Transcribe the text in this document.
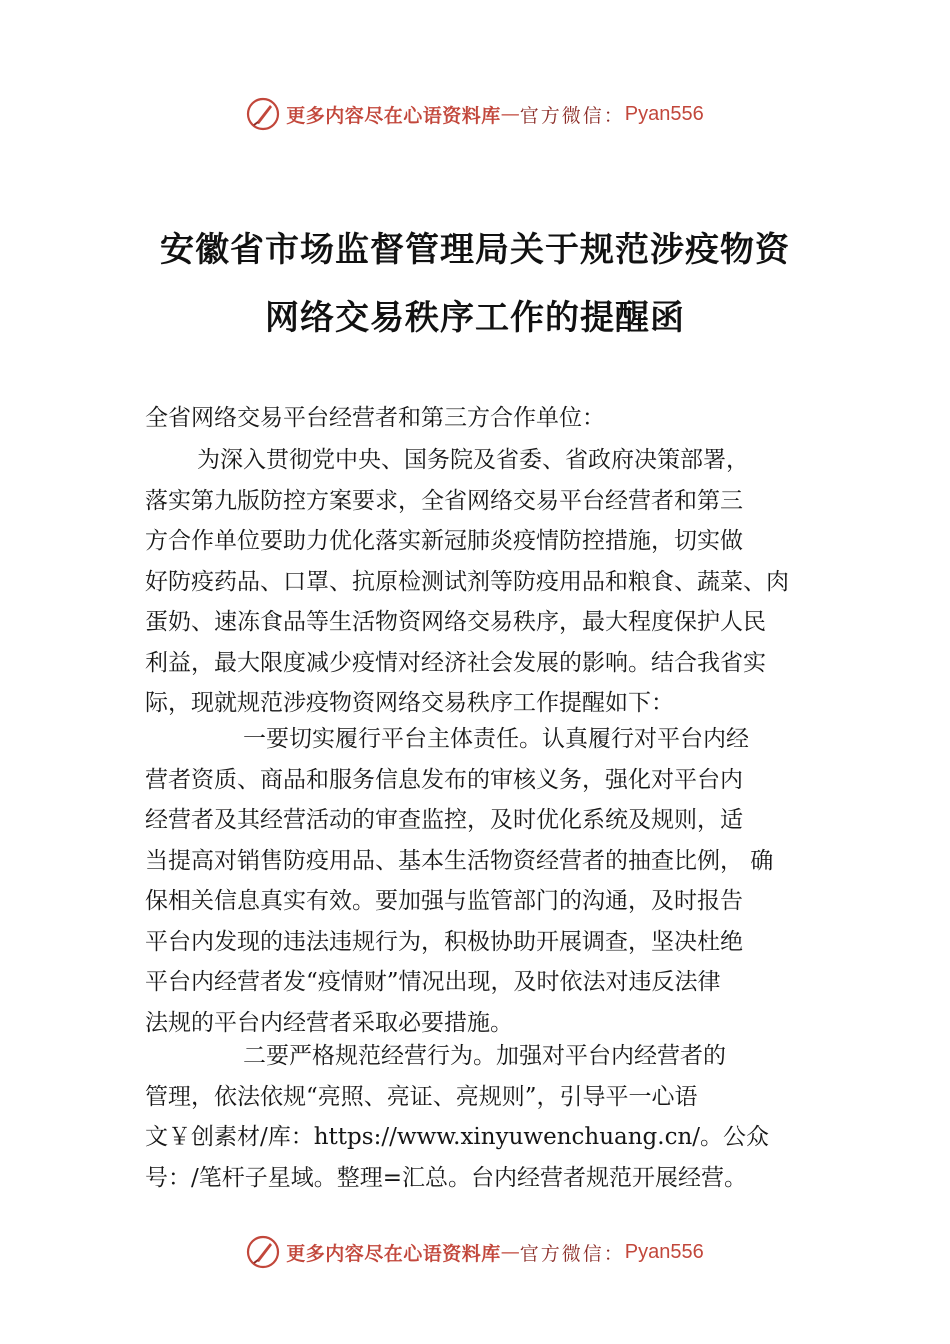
更多内容尽在心语资料库 — 官方微信： Pyan556
安徽省市场监督管理局关于规范涉疫物资
网络交易秩序工作的提醒函

全省网络交易平台经营者和第三方合作单位：

为深入贯彻党中央、国务院及省委、省政府决策部署，

落实第九版防控方案要求，全省网络交易平台经营者和第三

方合作单位要助力优化落实新冠肺炎疫情防控措施，切实做

好防疫药品、口罩、抗原检测试剂等防疫用品和粮食、蔬菜、肉

蛋奶、速冻食品等生活物资网络交易秩序，最大程度保护人民

利益，最大限度减少疫情对经济社会发展的影响。结合我省实

际，现就规范涉疫物资网络交易秩序工作提醒如下：

一要切实履行平台主体责任。认真履行对平台内经

营者资质、商品和服务信息发布的审核义务，强化对平台内

经营者及其经营活动的审查监控，及时优化系统及规则，适

当提高对销售防疫用品、基本生活物资经营者的抽查比例， 确

保相关信息真实有效。要加强与监管部门的沟通，及时报告

平台内发现的违法违规行为，积极协助开展调查，坚决杜绝

平台内经营者发“疫情财”情况出现，及时依法对违反法律

法规的平台内经营者采取必要措施。

二要严格规范经营行为。加强对平台内经营者的

管理，依法依规“亮照、亮证、亮规则”，引导平一心语

文￥创素材/库：https://www.xinyuwenchuang.cn/。公众

号：/笔杆子星域。整理=汇总。台内经营者规范开展经营。

更多内容尽在心语资料库 — 官方微信： Pyan556
